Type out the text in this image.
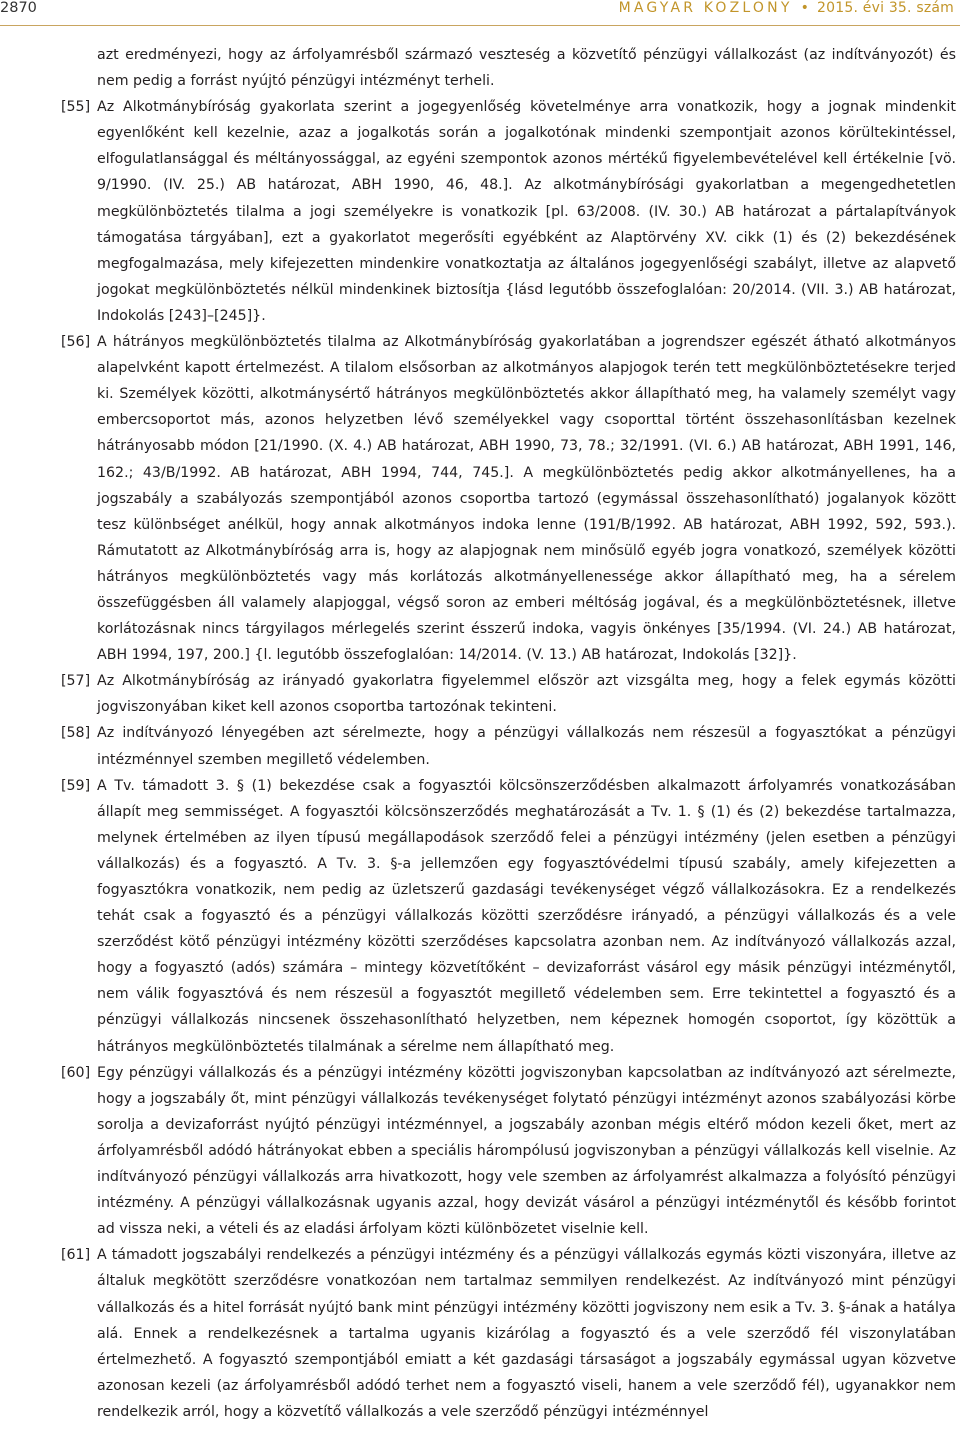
2870	MAGYAR KÖZLÖNY • 2015. évi 35. szám
azt eredményezi, hogy az árfolyamrésből származó veszteség a közvetítő pénzügyi vállalkozást (az indítványozót) és nem pedig a forrást nyújtó pénzügyi intézményt terheli.
[55] Az Alkotmánybíróság gyakorlata szerint a jogegyenlőség követelménye arra vonatkozik, hogy a jognak mindenkit egyenlőként kell kezelnie, azaz a jogalkotás során a jogalkotónak mindenki szempontjait azonos körültekintéssel, elfogulatlansággal és méltányossággal, az egyéni szempontok azonos mértékű figyelembevételével kell értékelnie [vö. 9/1990. (IV. 25.) AB határozat, ABH 1990, 46, 48.]. Az alkotmánybírósági gyakorlatban a megengedhetetlen megkülönböztetés tilalma a jogi személyekre is vonatkozik [pl. 63/2008. (IV. 30.) AB határozat a pártalapítványok támogatása tárgyában], ezt a gyakorlatot megerősíti egyébként az Alaptörvény XV. cikk (1) és (2) bekezdésének megfogalmazása, mely kifejezetten mindenkire vonatkoztatja az általános jogegyenlőségi szabályt, illetve az alapvető jogokat megkülönböztetés nélkül mindenkinek biztosítja {lásd legutóbb összefoglalóan: 20/2014. (VII. 3.) AB határozat, Indokolás [243]–[245]}.
[56] A hátrányos megkülönböztetés tilalma az Alkotmánybíróság gyakorlatában a jogrendszer egészét átható alkotmányos alapelvként kapott értelmezést. A tilalom elsősorban az alkotmányos alapjogok terén tett megkülönböztetésekre terjed ki. Személyek közötti, alkotmánysértő hátrányos megkülönböztetés akkor állapítható meg, ha valamely személyt vagy embercsoportot más, azonos helyzetben lévő személyekkel vagy csoporttal történt összehasonlításban kezelnek hátrányosabb módon [21/1990. (X. 4.) AB határozat, ABH 1990, 73, 78.; 32/1991. (VI. 6.) AB határozat, ABH 1991, 146, 162.; 43/B/1992. AB határozat, ABH 1994, 744, 745.]. A megkülönböztetés pedig akkor alkotmányellenes, ha a jogszabály a szabályozás szempontjából azonos csoportba tartozó (egymással összehasonlítható) jogalanyok között tesz különbséget anélkül, hogy annak alkotmányos indoka lenne (191/B/1992. AB határozat, ABH 1992, 592, 593.). Rámutatott az Alkotmánybíróság arra is, hogy az alapjognak nem minősülő egyéb jogra vonatkozó, személyek közötti hátrányos megkülönböztetés vagy más korlátozás alkotmányellenessége akkor állapítható meg, ha a sérelem összefüggésben áll valamely alapjoggal, végső soron az emberi méltóság jogával, és a megkülönböztetésnek, illetve korlátozásnak nincs tárgyilagos mérlegelés szerint ésszerű indoka, vagyis önkényes [35/1994. (VI. 24.) AB határozat, ABH 1994, 197, 200.] {l. legutóbb összefoglalóan: 14/2014. (V. 13.) AB határozat, Indokolás [32]}.
[57] Az Alkotmánybíróság az irányadó gyakorlatra figyelemmel először azt vizsgálta meg, hogy a felek egymás közötti jogviszonyában kiket kell azonos csoportba tartozónak tekinteni.
[58] Az indítványozó lényegében azt sérelmezte, hogy a pénzügyi vállalkozás nem részesül a fogyasztókat a pénzügyi intézménnyel szemben megillető védelemben.
[59] A Tv. támadott 3. § (1) bekezdése csak a fogyasztói kölcsönszerződésben alkalmazott árfolyamrés vonatkozásában állapít meg semmisséget. A fogyasztói kölcsönszerződés meghatározását a Tv. 1. § (1) és (2) bekezdése tartalmazza, melynek értelmében az ilyen típusú megállapodások szerződő felei a pénzügyi intézmény (jelen esetben a pénzügyi vállalkozás) és a fogyasztó. A Tv. 3. §-a jellemzően egy fogyasztóvédelmi típusú szabály, amely kifejezetten a fogyasztókra vonatkozik, nem pedig az üzletszerű gazdasági tevékenységet végző vállalkozásokra. Ez a rendelkezés tehát csak a fogyasztó és a pénzügyi vállalkozás közötti szerződésre irányadó, a pénzügyi vállalkozás és a vele szerződést kötő pénzügyi intézmény közötti szerződéses kapcsolatra azonban nem. Az indítványozó vállalkozás azzal, hogy a fogyasztó (adós) számára – mintegy közvetítőként – devizaforrást vásárol egy másik pénzügyi intézménytől, nem válik fogyasztóvá és nem részesül a fogyasztót megillető védelemben sem. Erre tekintettel a fogyasztó és a pénzügyi vállalkozás nincsenek összehasonlítható helyzetben, nem képeznek homogén csoportot, így közöttük a hátrányos megkülönböztetés tilalmának a sérelme nem állapítható meg.
[60] Egy pénzügyi vállalkozás és a pénzügyi intézmény közötti jogviszonyban kapcsolatban az indítványozó azt sérelmezte, hogy a jogszabály őt, mint pénzügyi vállalkozás tevékenységet folytató pénzügyi intézményt azonos szabályozási körbe sorolja a devizaforrást nyújtó pénzügyi intézménnyel, a jogszabály azonban mégis eltérő módon kezeli őket, mert az árfolyamrésből adódó hátrányokat ebben a speciális hárompólusú jogviszonyban a pénzügyi vállalkozás kell viselnie. Az indítványozó pénzügyi vállalkozás arra hivatkozott, hogy vele szemben az árfolyamrést alkalmazza a folyósító pénzügyi intézmény. A pénzügyi vállalkozásnak ugyanis azzal, hogy devizát vásárol a pénzügyi intézménytől és később forintot ad vissza neki, a vételi és az eladási árfolyam közti különbözetet viselnie kell.
[61] A támadott jogszabályi rendelkezés a pénzügyi intézmény és a pénzügyi vállalkozás egymás közti viszonyára, illetve az általuk megkötött szerződésre vonatkozóan nem tartalmaz semmilyen rendelkezést. Az indítványozó mint pénzügyi vállalkozás és a hitel forrását nyújtó bank mint pénzügyi intézmény közötti jogviszony nem esik a Tv. 3. §-ának a hatálya alá. Ennek a rendelkezésnek a tartalma ugyanis kizárólag a fogyasztó és a vele szerződő fél viszonylatában értelmezhető. A fogyasztó szempontjából emiatt a két gazdasági társaságot a jogszabály egymással ugyan közvetve azonosan kezeli (az árfolyamrésből adódó terhet nem a fogyasztó viseli, hanem a vele szerződő fél), ugyanakkor nem rendelkezik arról, hogy a közvetítő vállalkozás a vele szerződő pénzügyi intézménnyel
